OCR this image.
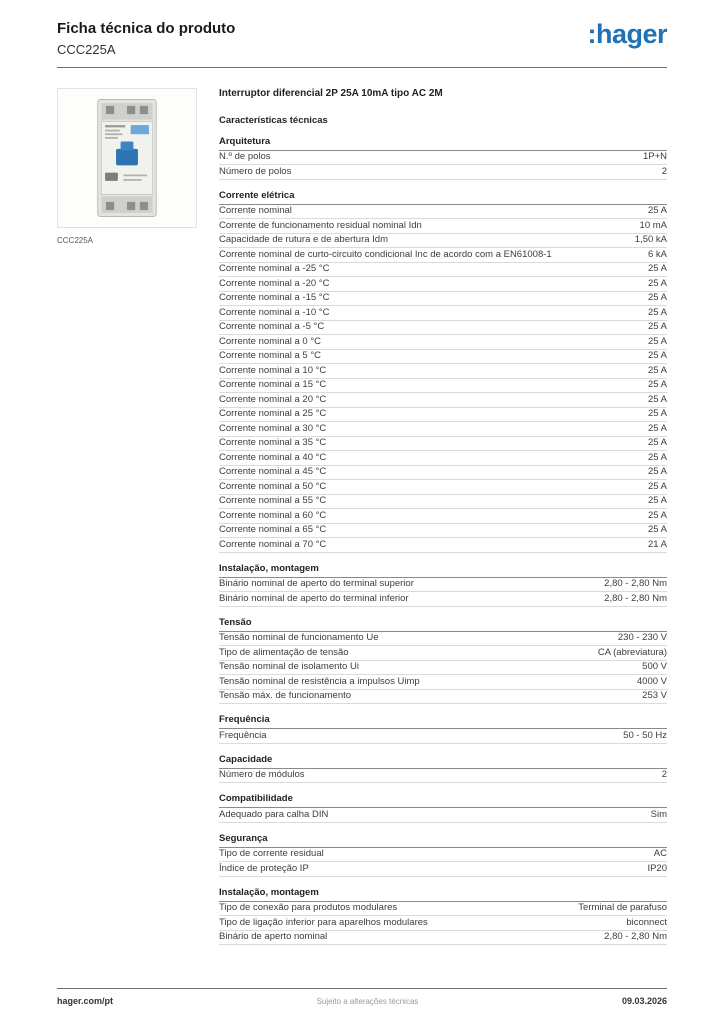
Ficha técnica do produto
CCC225A
:hager
CCC225A
Interruptor diferencial 2P 25A 10mA tipo AC 2M
Características técnicas
Arquitetura
N.º de polos	1P+N
Número de polos	2
Corrente elétrica
Corrente nominal	25 A
Corrente de funcionamento residual nominal Idn	10 mA
Capacidade de rutura e de abertura Idm	1,50 kA
Corrente nominal de curto-circuito condicional Inc de acordo com a EN61008-1	6 kA
Corrente nominal a -25 °C	25 A
Corrente nominal a -20 °C	25 A
Corrente nominal a -15 °C	25 A
Corrente nominal a -10 °C	25 A
Corrente nominal a -5 °C	25 A
Corrente nominal a 0 °C	25 A
Corrente nominal a 5 °C	25 A
Corrente nominal a 10 °C	25 A
Corrente nominal a 15 °C	25 A
Corrente nominal a 20 °C	25 A
Corrente nominal a 25 °C	25 A
Corrente nominal a 30 °C	25 A
Corrente nominal a 35 °C	25 A
Corrente nominal a 40 °C	25 A
Corrente nominal a 45 °C	25 A
Corrente nominal a 50 °C	25 A
Corrente nominal a 55 °C	25 A
Corrente nominal a 60 °C	25 A
Corrente nominal a 65 °C	25 A
Corrente nominal a 70 °C	21 A
Instalação, montagem
Binário nominal de aperto do terminal superior	2,80 - 2,80 Nm
Binário nominal de aperto do terminal inferior	2,80 - 2,80 Nm
Tensão
Tensão nominal de funcionamento Ue	230 - 230 V
Tipo de alimentação de tensão	CA (abreviatura)
Tensão nominal de isolamento Ui	500 V
Tensão nominal de resistência a impulsos Uimp	4000 V
Tensão máx. de funcionamento	253 V
Frequência
Frequência	50 - 50 Hz
Capacidade
Número de módulos	2
Compatibilidade
Adequado para calha DIN	Sim
Segurança
Tipo de corrente residual	AC
Índice de proteção IP	IP20
Instalação, montagem
Tipo de conexão para produtos modulares	Terminal de parafuso
Tipo de ligação inferior para aparelhos modulares	biconnect
Binário de aperto nominal	2,80 - 2,80 Nm
hager.com/pt	Sujeito a alterações técnicas	09.03.2026
